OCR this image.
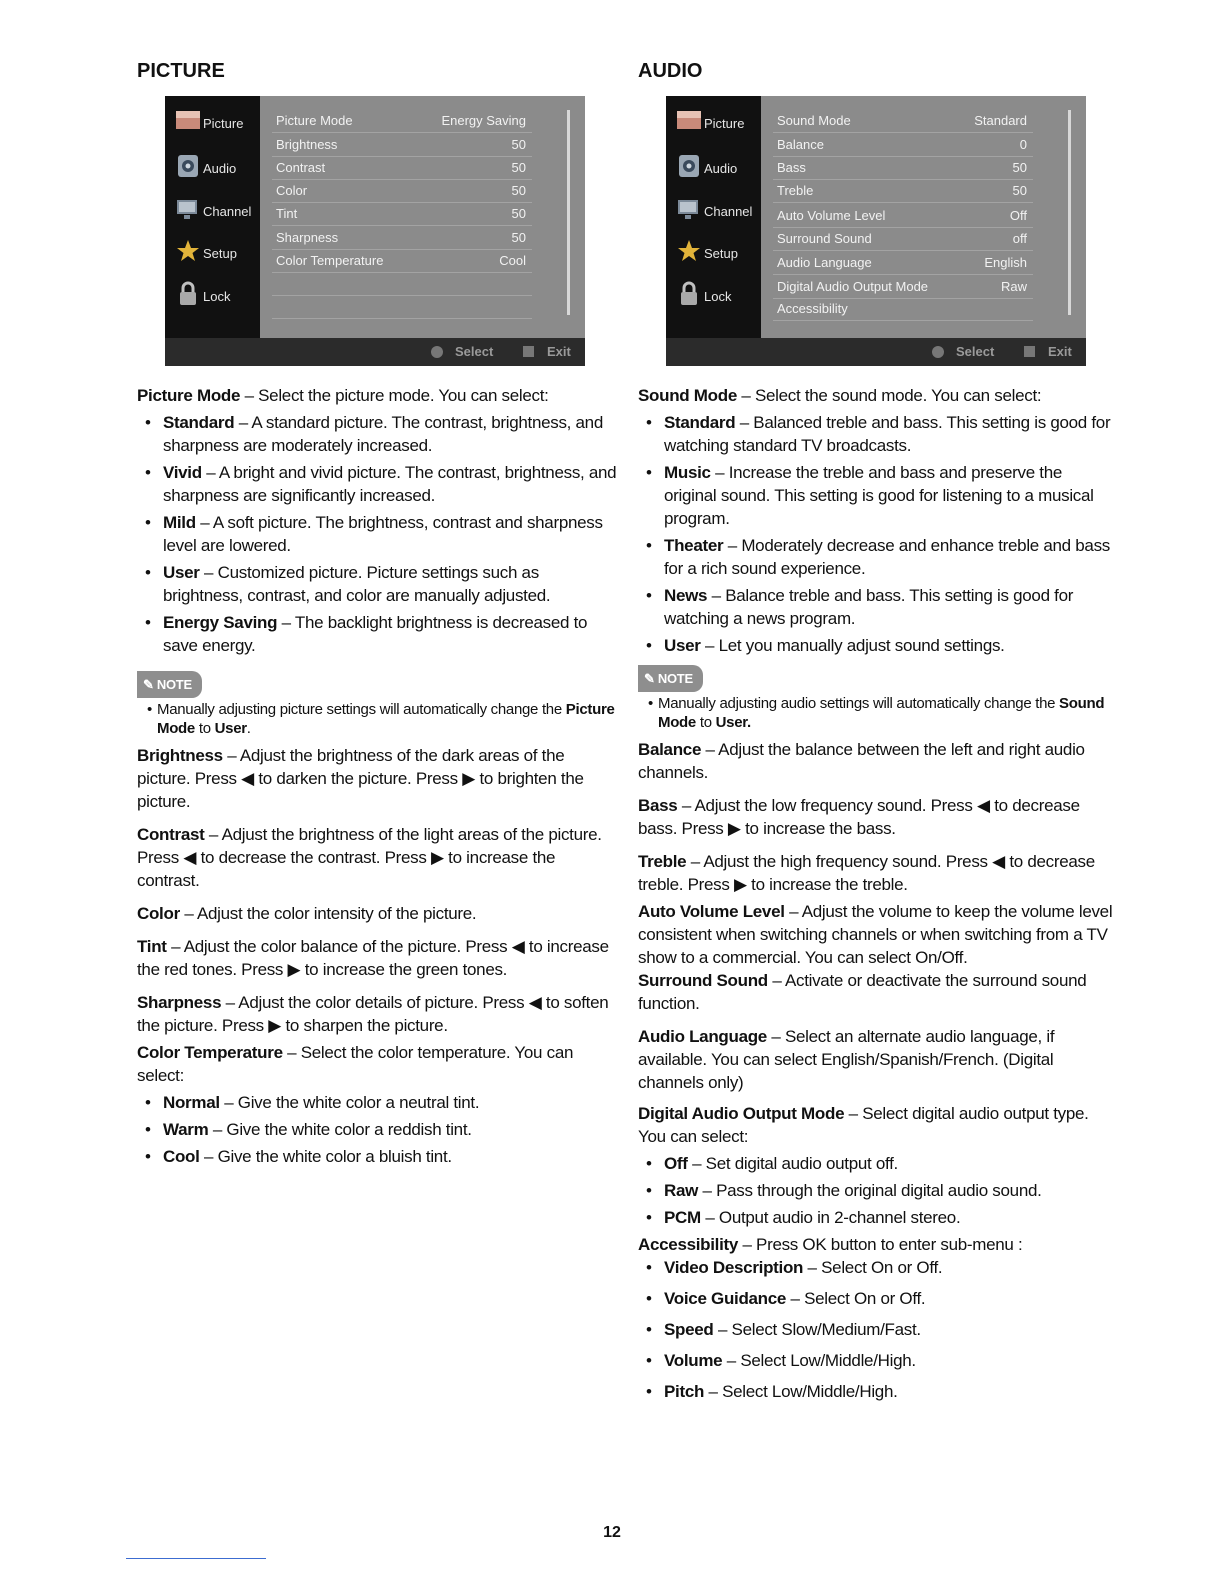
PICTURE
Picture
Audio
Channel
Setup
Lock
Picture Mode	Energy Saving
Brightness	50
Contrast	50
Color	50
Tint	50
Sharpness	50
Color Temperature	Cool
Select	Exit

Picture Mode – Select the picture mode. You can select:

• Standard – A standard picture. The contrast, brightness, and sharpness are moderately increased.
• Vivid – A bright and vivid picture. The contrast, brightness, and sharpness are significantly increased.
• Mild – A soft picture. The brightness, contrast and sharpness level are lowered.
• User – Customized picture. Picture settings such as brightness, contrast, and color are manually adjusted.
• Energy Saving – The backlight brightness is decreased to save energy.
✎ NOTE
• Manually adjusting picture settings will automatically change the Picture Mode to User.

Brightness – Adjust the brightness of the dark areas of the picture. Press ◀ to darken the picture. Press ▶ to brighten the picture.

Contrast – Adjust the brightness of the light areas of the picture. Press ◀ to decrease the contrast. Press ▶ to increase the contrast.

Color – Adjust the color intensity of the picture.

Tint – Adjust the color balance of the picture. Press ◀ to increase the red tones. Press ▶ to increase the green tones.

Sharpness – Adjust the color details of picture. Press ◀ to soften the picture. Press ▶ to sharpen the picture.

Color Temperature – Select the color temperature. You can select:

• Normal – Give the white color a neutral tint.
• Warm – Give the white color a reddish tint.
• Cool – Give the white color a bluish tint.
AUDIO
Picture
Audio
Channel
Setup
Lock
Sound Mode	Standard
Balance	0
Bass	50
Treble	50
Auto Volume Level	Off
Surround Sound	off
Audio Language	English
Digital Audio Output Mode	Raw
Accessibility
Select	Exit

Sound Mode – Select the sound mode. You can select:

• Standard – Balanced treble and bass. This setting is good for watching standard TV broadcasts.
• Music – Increase the treble and bass and preserve the original sound. This setting is good for listening to a musical program.
• Theater – Moderately decrease and enhance treble and bass for a rich sound experience.
• News – Balance treble and bass. This setting is good for watching a news program.
• User – Let you manually adjust sound settings.
✎ NOTE
• Manually adjusting audio settings will automatically change the Sound Mode to User.

Balance – Adjust the balance between the left and right audio channels.

Bass – Adjust the low frequency sound. Press ◀ to decrease bass. Press ▶ to increase the bass.

Treble – Adjust the high frequency sound. Press ◀ to decrease treble. Press ▶ to increase the treble.

Auto Volume Level – Adjust the volume to keep the volume level consistent when switching channels or when switching from a TV show to a commercial. You can select On/Off.

Surround Sound – Activate or deactivate the surround sound function.

Audio Language – Select an alternate audio language, if available. You can select English/Spanish/French. (Digital channels only)

Digital Audio Output Mode – Select digital audio output type. You can select:

• Off – Set digital audio output off.
• Raw – Pass through the original digital audio sound.
• PCM – Output audio in 2-channel stereo.

Accessibility – Press OK button to enter sub-menu :

• Video Description – Select On or Off.
• Voice Guidance – Select On or Off.
• Speed – Select Slow/Medium/Fast.
• Volume – Select Low/Middle/High.
• Pitch – Select Low/Middle/High.
12
